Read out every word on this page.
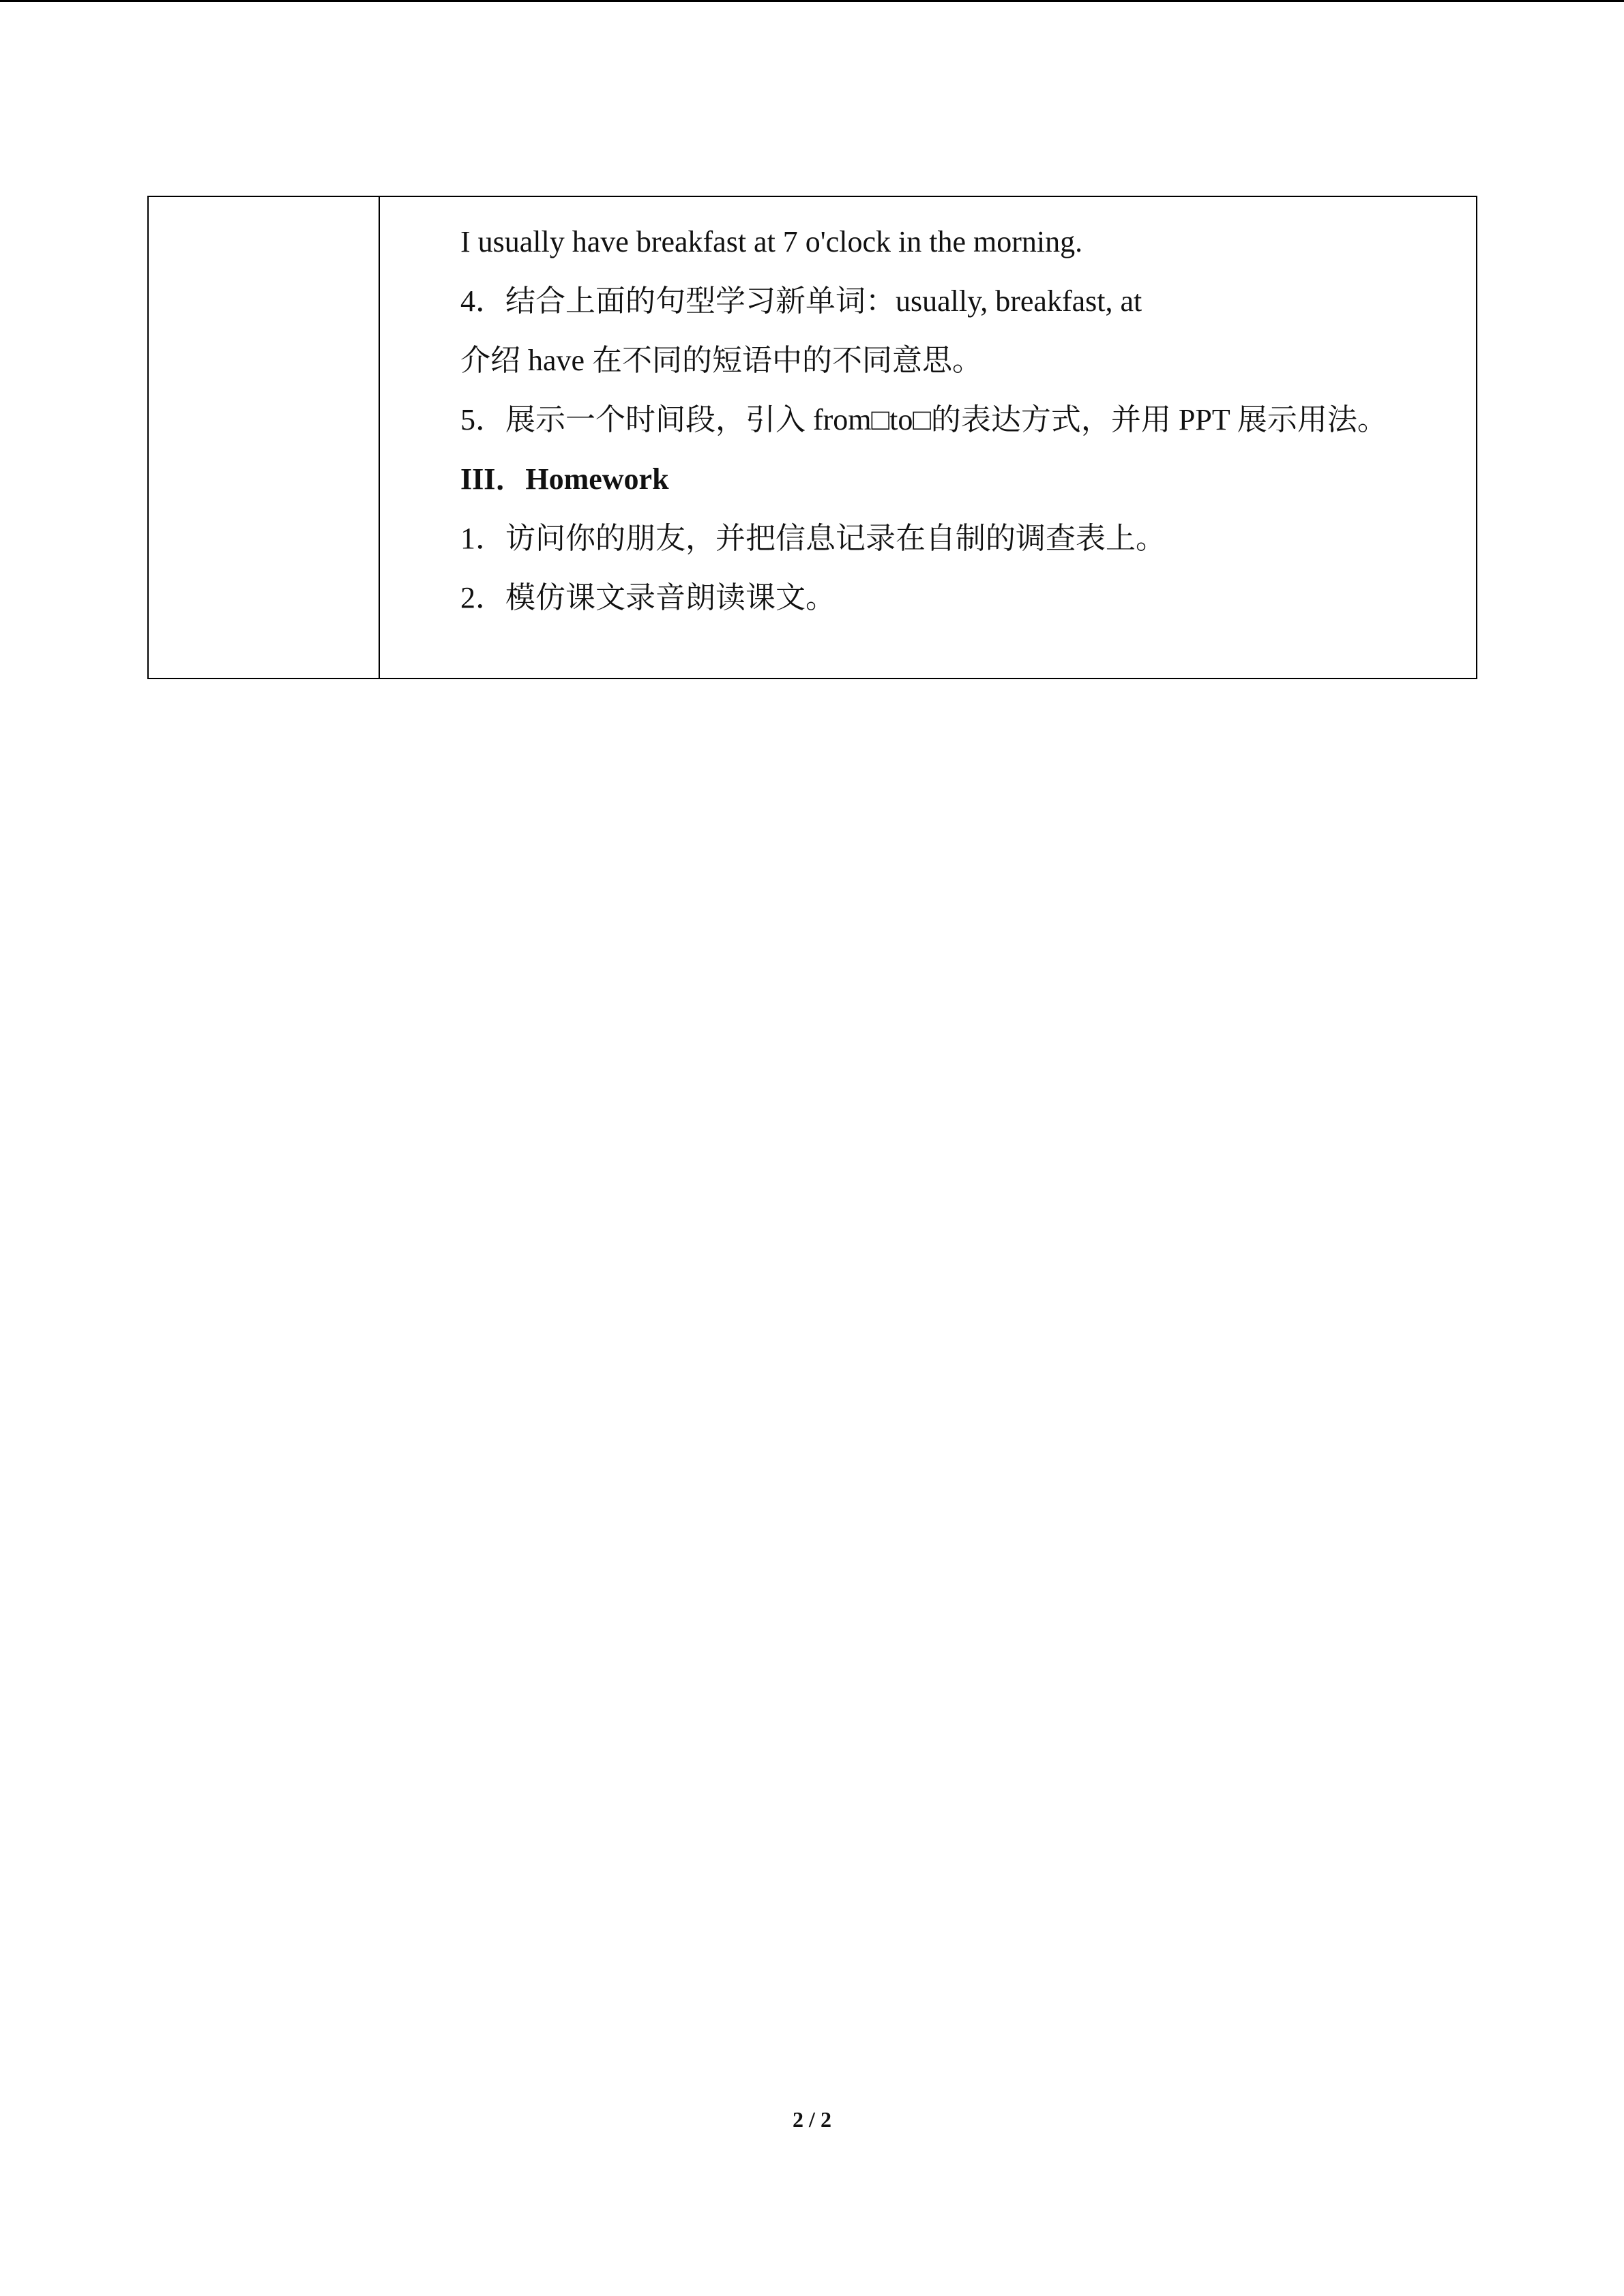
I usually have breakfast at 7 o'clock in the morning.

4．结合上面的句型学习新单词：usually, breakfast, at

介绍 have 在不同的短语中的不同意思。

5．展示一个时间段，引入 from□to□的表达方式，并用 PPT 展示用法。

III．Homework

1．访问你的朋友，并把信息记录在自制的调查表上。

2．模仿课文录音朗读课文。

2 / 2
